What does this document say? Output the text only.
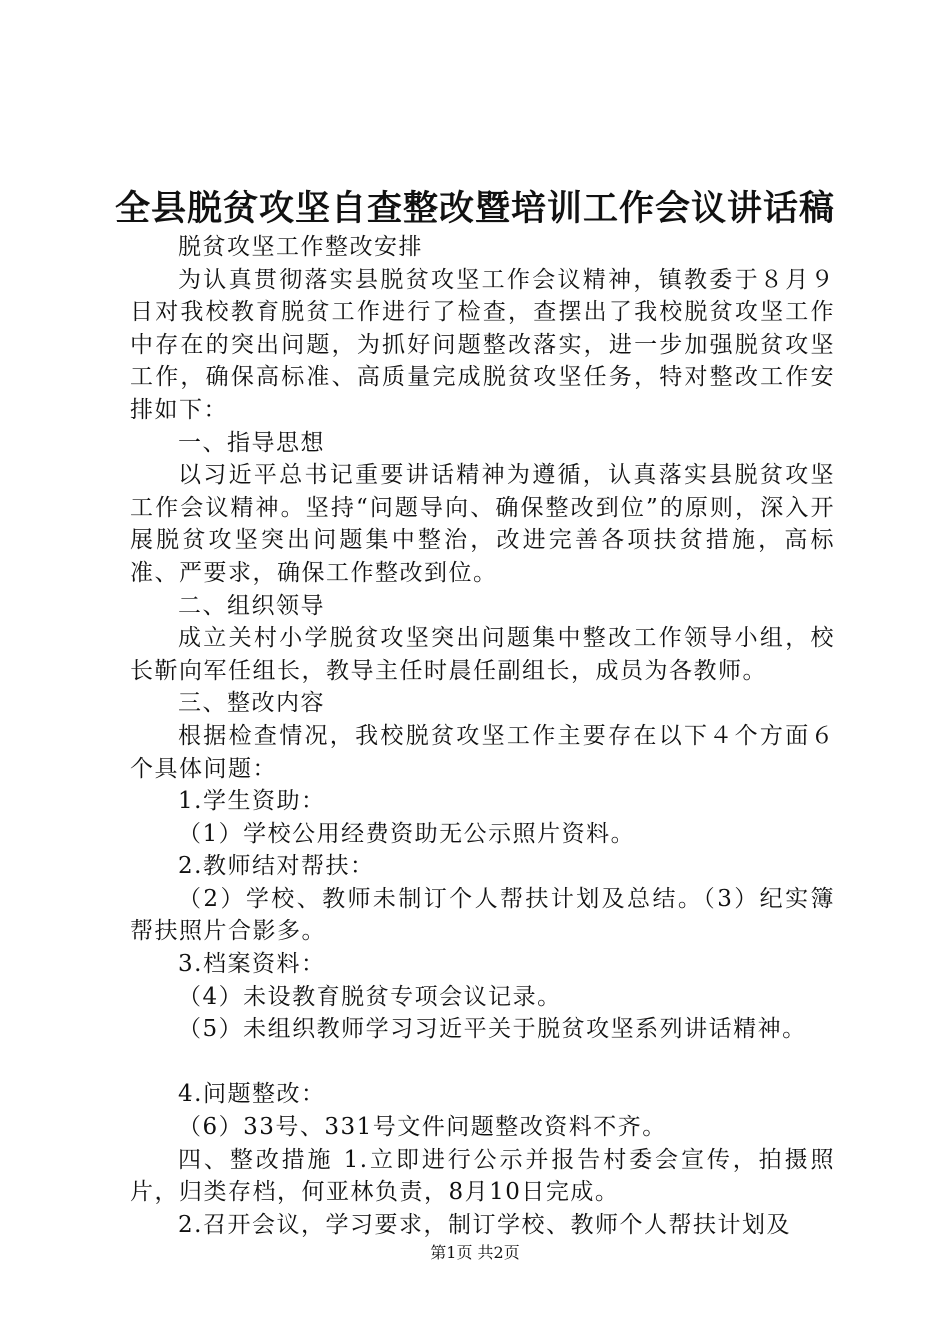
全县脱贫攻坚自查整改暨培训工作会议讲话稿

脱贫攻坚工作整改安排

为认真贯彻落实县脱贫攻坚工作会议精神，镇教委于８月９日对我校教育脱贫工作进行了检查，查摆出了我校脱贫攻坚工作中存在的突出问题，为抓好问题整改落实，进一步加强脱贫攻坚工作，确保高标准、高质量完成脱贫攻坚任务，特对整改工作安排如下：

一、指导思想

以习近平总书记重要讲话精神为遵循，认真落实县脱贫攻坚工作会议精神。坚持“问题导向、确保整改到位”的原则，深入开展脱贫攻坚突出问题集中整治，改进完善各项扶贫措施，高标准、严要求，确保工作整改到位。

二、组织领导

成立关村小学脱贫攻坚突出问题集中整改工作领导小组，校长靳向军任组长，教导主任时晨任副组长，成员为各教师。

三、整改内容

根据检查情况，我校脱贫攻坚工作主要存在以下４个方面６个具体问题：

1.学生资助：

（1）学校公用经费资助无公示照片资料。

2.教师结对帮扶：

（2）学校、教师未制订个人帮扶计划及总结。（3）纪实簿帮扶照片合影多。

3.档案资料：

（4）未设教育脱贫专项会议记录。

（5）未组织教师学习习近平关于脱贫攻坚系列讲话精神。

4.问题整改：

（6）33号、331号文件问题整改资料不齐。

四、整改措施 1.立即进行公示并报告村委会宣传，拍摄照片，归类存档，何亚林负责，8月10日完成。

2.召开会议，学习要求，制订学校、教师个人帮扶计划及

第1页 共2页
